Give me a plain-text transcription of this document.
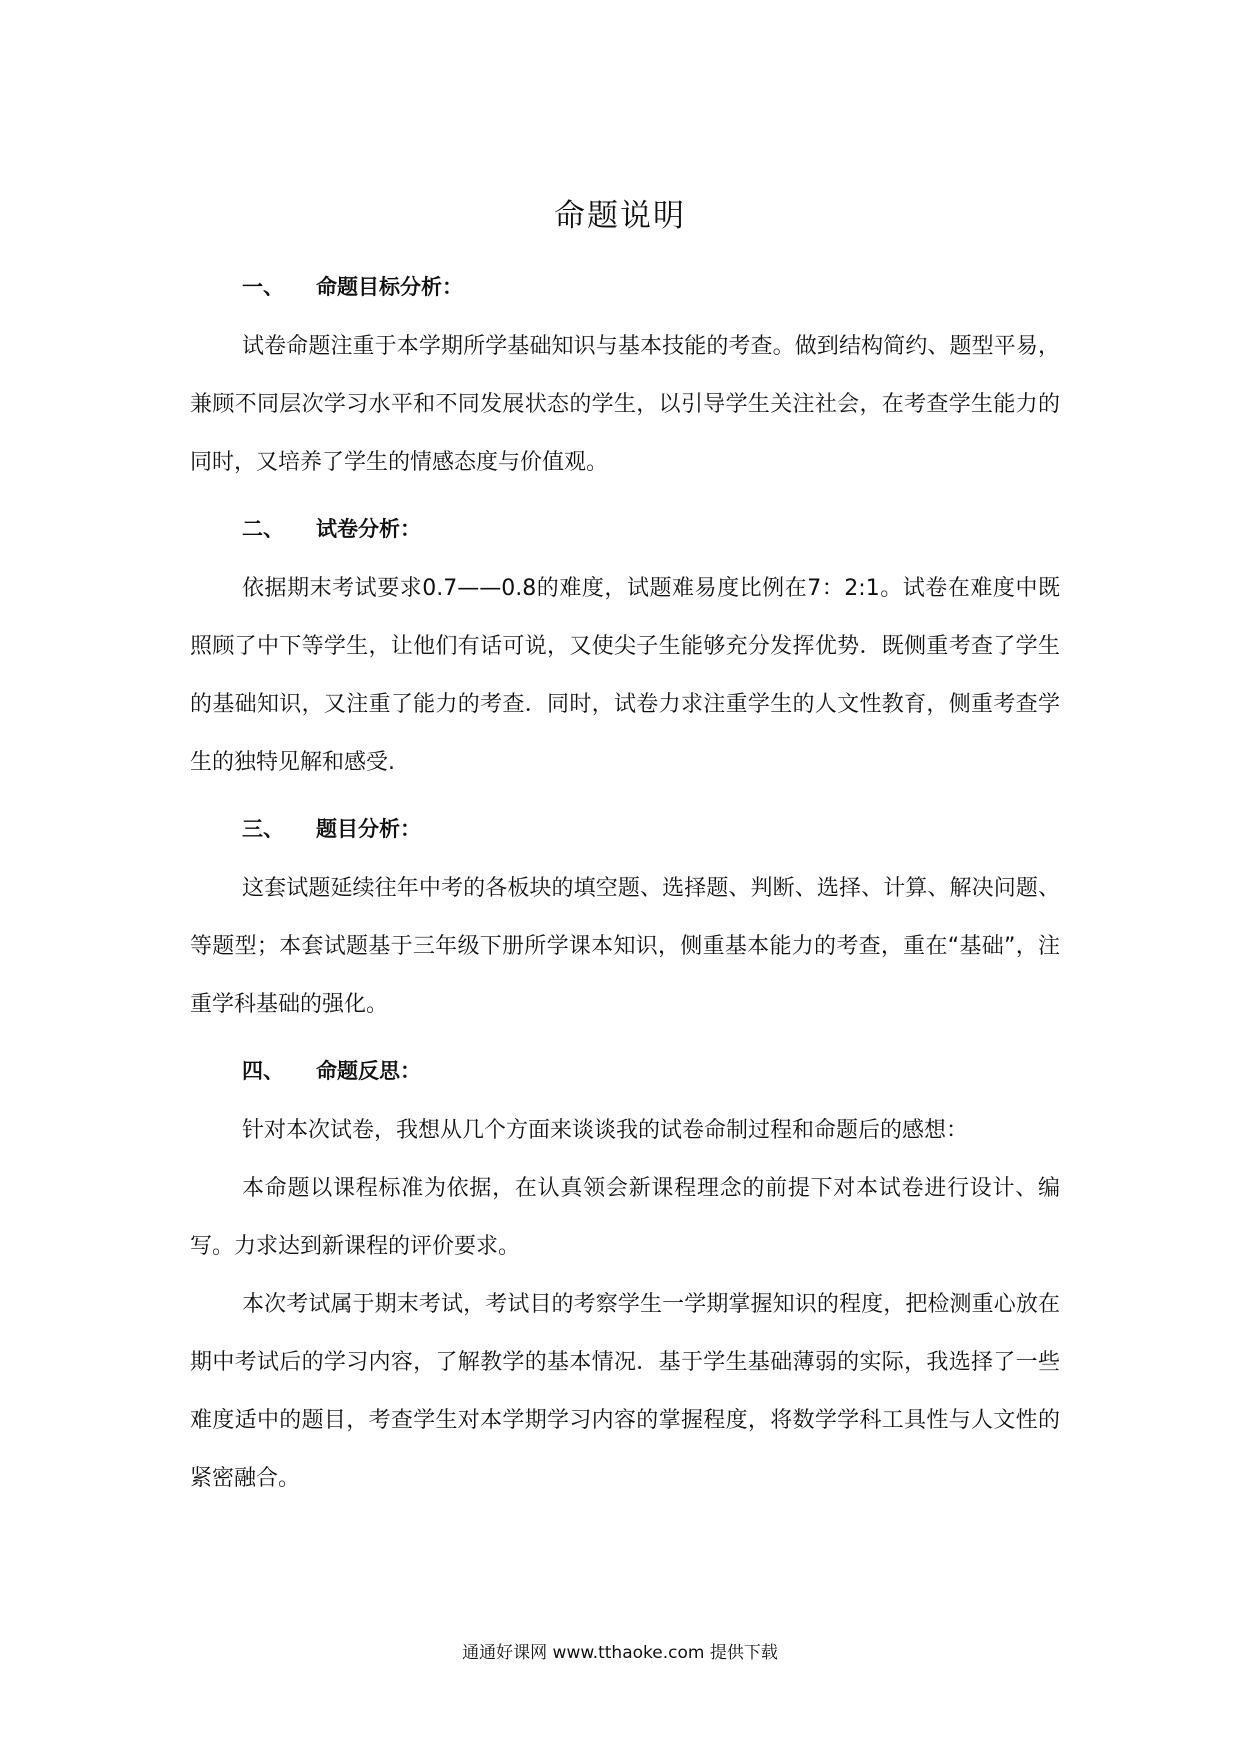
命题说明
一、	命题目标分析：

试卷命题注重于本学期所学基础知识与基本技能的考查。做到结构简约、题型平易，兼顾不同层次学习水平和不同发展状态的学生，以引导学生关注社会，在考查学生能力的同时，又培养了学生的情感态度与价值观。

二、	试卷分析：

依据期末考试要求0.7——0.8的难度，试题难易度比例在7：2:1。试卷在难度中既照顾了中下等学生，让他们有话可说，又使尖子生能够充分发挥优势．既侧重考查了学生的基础知识，又注重了能力的考查．同时，试卷力求注重学生的人文性教育，侧重考查学生的独特见解和感受.

三、	题目分析：

这套试题延续往年中考的各板块的填空题、选择题、判断、选择、计算、解决问题、等题型；本套试题基于三年级下册所学课本知识，侧重基本能力的考查，重在“基础”，注重学科基础的强化。

四、	命题反思：

针对本次试卷，我想从几个方面来谈谈我的试卷命制过程和命题后的感想：

本命题以课程标准为依据，在认真领会新课程理念的前提下对本试卷进行设计、编写。力求达到新课程的评价要求。

本次考试属于期末考试，考试目的考察学生一学期掌握知识的程度，把检测重心放在期中考试后的学习内容，了解教学的基本情况．基于学生基础薄弱的实际，我选择了一些难度适中的题目，考查学生对本学期学习内容的掌握程度，将数学学科工具性与人文性的紧密融合。

通通好课网 www.tthaoke.com 提供下载
